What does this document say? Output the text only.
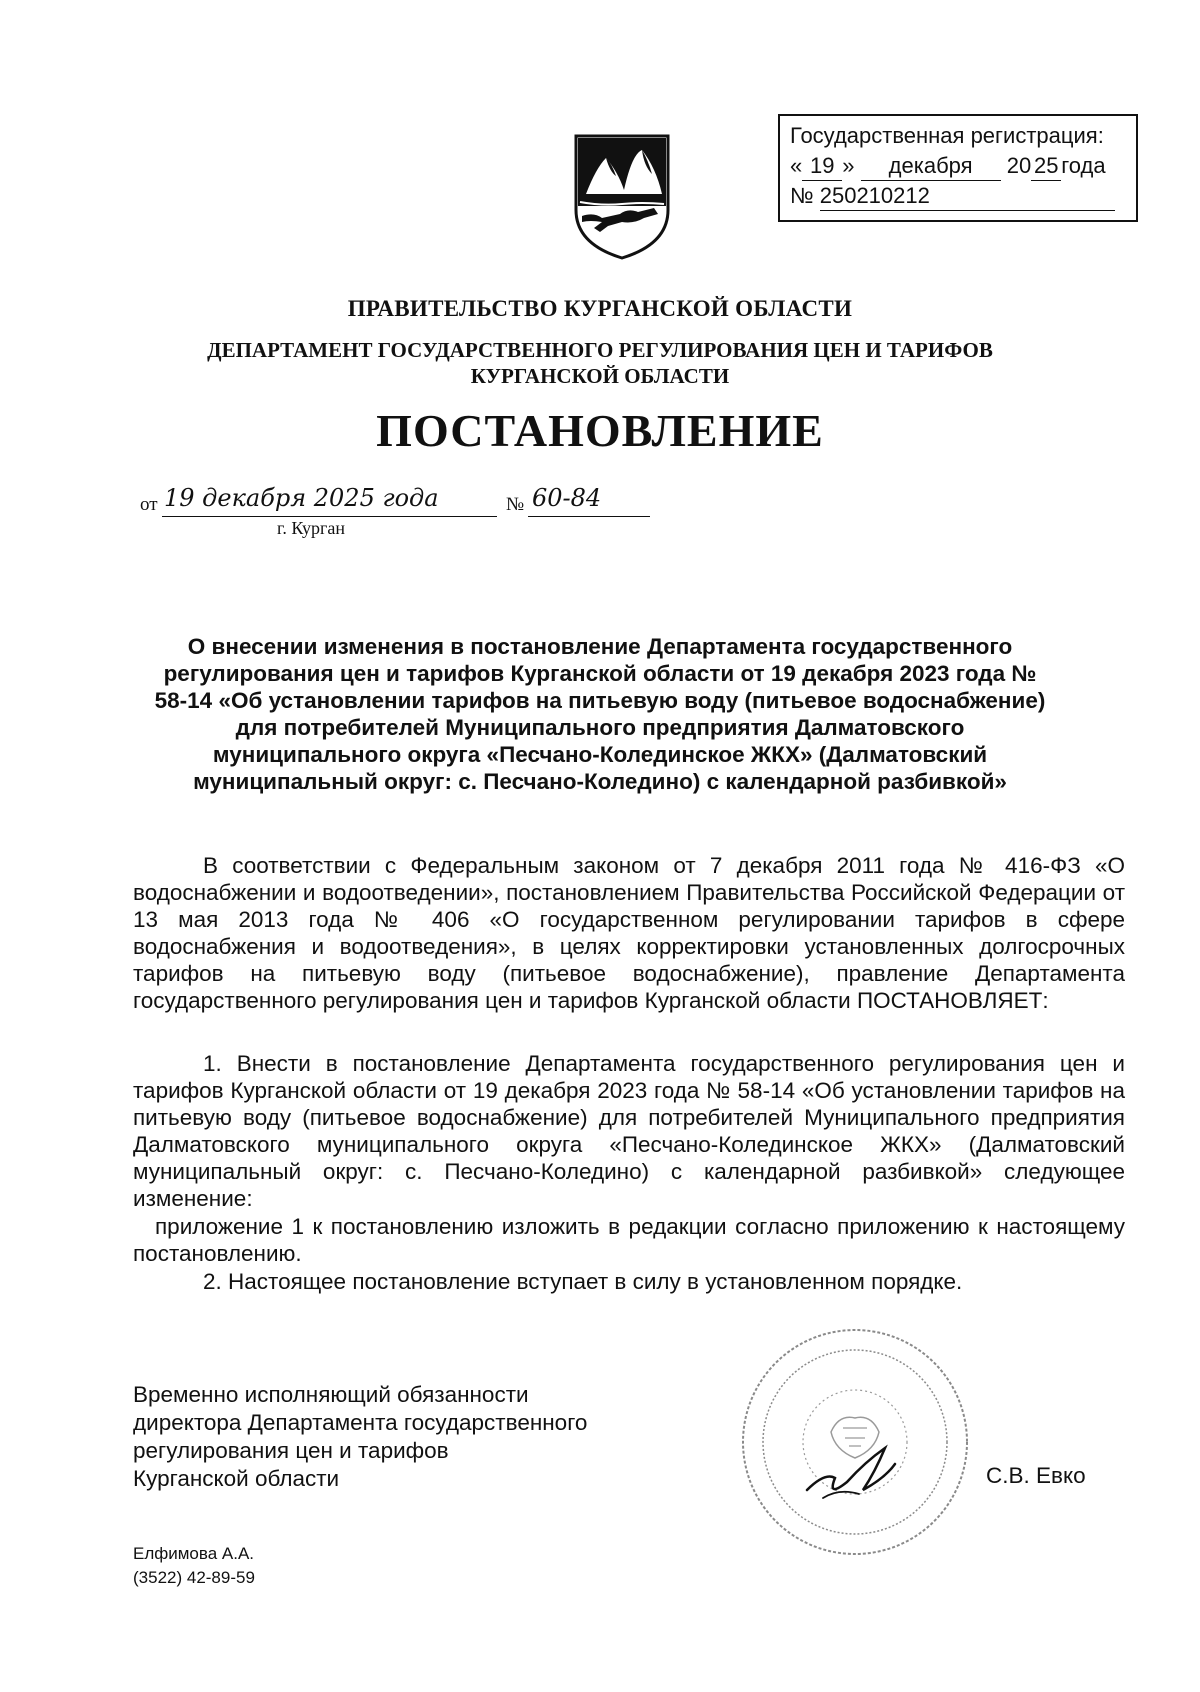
Государственная регистрация:
« 19 » декабря 20 25 года
№ 250210212
ПРАВИТЕЛЬСТВО КУРГАНСКОЙ ОБЛАСТИ
ДЕПАРТАМЕНТ ГОСУДАРСТВЕННОГО РЕГУЛИРОВАНИЯ ЦЕН И ТАРИФОВ
КУРГАНСКОЙ ОБЛАСТИ
ПОСТАНОВЛЕНИЕ
от 19 декабря 2025 года	№ 60-84
г. Курган
О внесении изменения в постановление Департамента государственного регулирования цен и тарифов Курганской области от 19 декабря 2023 года № 58-14 «Об установлении тарифов на питьевую воду (питьевое водоснабжение) для потребителей Муниципального предприятия Далматовского муниципального округа «Песчано-Колединское ЖКХ» (Далматовский муниципальный округ: с. Песчано-Коледино) с календарной разбивкой»
В соответствии с Федеральным законом от 7 декабря 2011 года № 416-ФЗ «О водоснабжении и водоотведении», постановлением Правительства Российской Федерации от 13 мая 2013 года № 406 «О государственном регулировании тарифов в сфере водоснабжения и водоотведения», в целях корректировки установленных долгосрочных тарифов на питьевую воду (питьевое водоснабжение), правление Департамента государственного регулирования цен и тарифов Курганской области ПОСТАНОВЛЯЕТ:
1. Внести в постановление Департамента государственного регулирования цен и тарифов Курганской области от 19 декабря 2023 года № 58-14 «Об установлении тарифов на питьевую воду (питьевое водоснабжение) для потребителей Муниципального предприятия Далматовского муниципального округа «Песчано-Колединское ЖКХ» (Далматовский муниципальный округ: с. Песчано-Коледино) с календарной разбивкой» следующее изменение:
приложение 1 к постановлению изложить в редакции согласно приложению к настоящему постановлению.
2. Настоящее постановление вступает в силу в установленном порядке.
Временно исполняющий обязанности
директора Департамента государственного
регулирования цен и тарифов
Курганской области	С.В. Евко
Елфимова А.А.
(3522) 42-89-59
